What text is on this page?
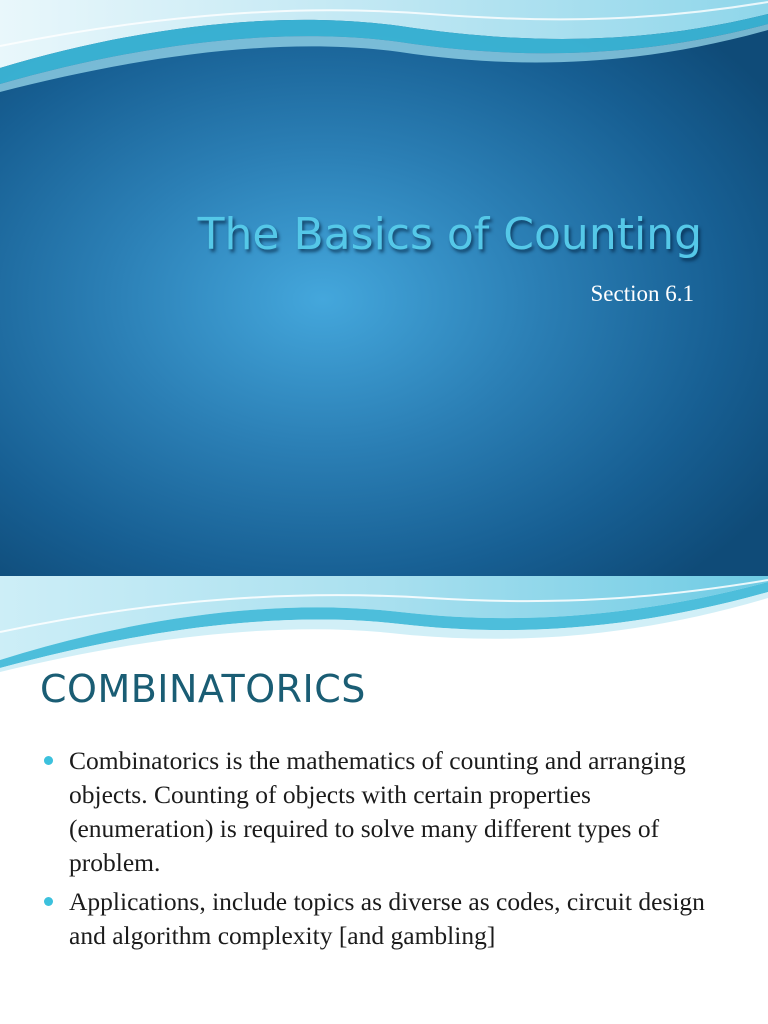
The Basics of Counting
Section 6.1
COMBINATORICS
Combinatorics is the mathematics of counting and arranging objects. Counting of objects with certain properties (enumeration) is required to solve many different types of problem.
Applications, include topics as diverse as codes, circuit design and algorithm complexity [and gambling]
